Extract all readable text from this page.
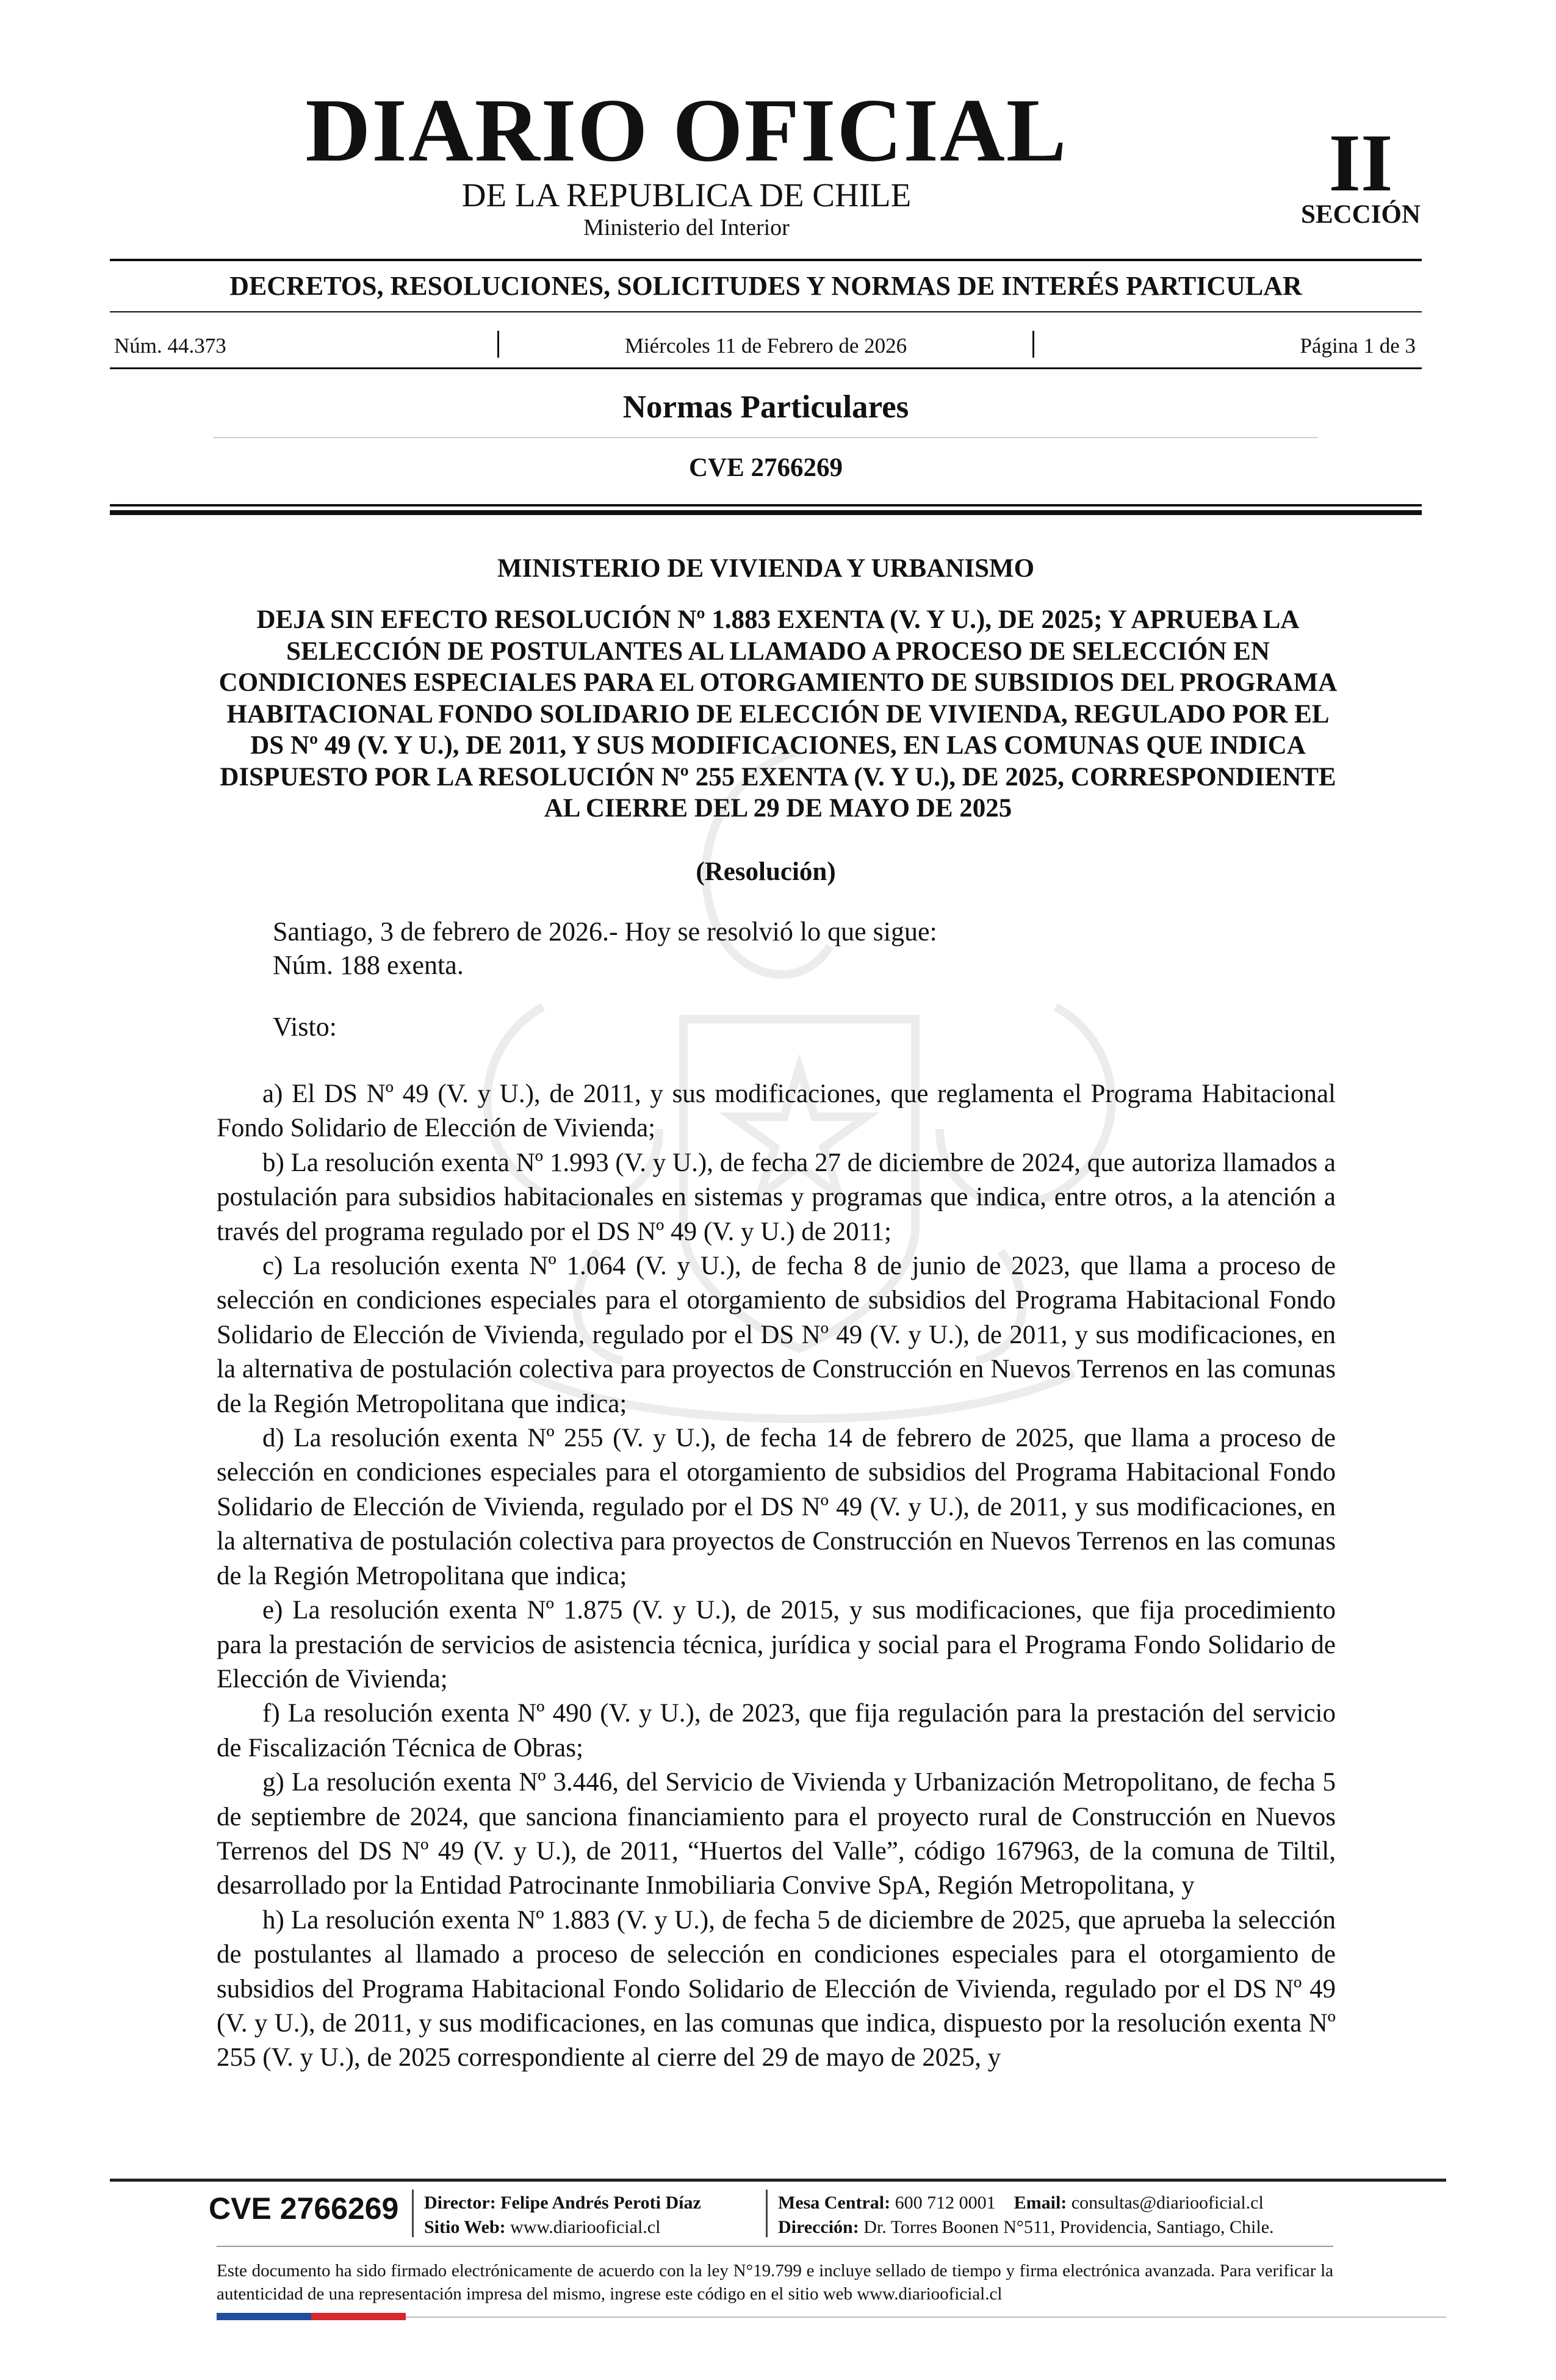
DIARIO OFICIAL
DE LA REPUBLICA DE CHILE
Ministerio del Interior
II
SECCIÓN
DECRETOS, RESOLUCIONES, SOLICITUDES Y NORMAS DE INTERÉS PARTICULAR
Núm. 44.373	Miércoles 11 de Febrero de 2026	Página 1 de 3
Normas Particulares
CVE 2766269
MINISTERIO DE VIVIENDA Y URBANISMO
DEJA SIN EFECTO RESOLUCIÓN Nº 1.883 EXENTA (V. Y U.), DE 2025; Y APRUEBA LA SELECCIÓN DE POSTULANTES AL LLAMADO A PROCESO DE SELECCIÓN EN CONDICIONES ESPECIALES PARA EL OTORGAMIENTO DE SUBSIDIOS DEL PROGRAMA HABITACIONAL FONDO SOLIDARIO DE ELECCIÓN DE VIVIENDA, REGULADO POR EL DS Nº 49 (V. Y U.), DE 2011, Y SUS MODIFICACIONES, EN LAS COMUNAS QUE INDICA DISPUESTO POR LA RESOLUCIÓN Nº 255 EXENTA (V. Y U.), DE 2025, CORRESPONDIENTE AL CIERRE DEL 29 DE MAYO DE 2025
(Resolución)
Santiago, 3 de febrero de 2026.- Hoy se resolvió lo que sigue:
Núm. 188 exenta.
Visto:

a) El DS Nº 49 (V. y U.), de 2011, y sus modificaciones, que reglamenta el Programa Habitacional Fondo Solidario de Elección de Vivienda;

b) La resolución exenta Nº 1.993 (V. y U.), de fecha 27 de diciembre de 2024, que autoriza llamados a postulación para subsidios habitacionales en sistemas y programas que indica, entre otros, a la atención a través del programa regulado por el DS Nº 49 (V. y U.) de 2011;

c) La resolución exenta Nº 1.064 (V. y U.), de fecha 8 de junio de 2023, que llama a proceso de selección en condiciones especiales para el otorgamiento de subsidios del Programa Habitacional Fondo Solidario de Elección de Vivienda, regulado por el DS Nº 49 (V. y U.), de 2011, y sus modificaciones, en la alternativa de postulación colectiva para proyectos de Construcción en Nuevos Terrenos en las comunas de la Región Metropolitana que indica;

d) La resolución exenta Nº 255 (V. y U.), de fecha 14 de febrero de 2025, que llama a proceso de selección en condiciones especiales para el otorgamiento de subsidios del Programa Habitacional Fondo Solidario de Elección de Vivienda, regulado por el DS Nº 49 (V. y U.), de 2011, y sus modificaciones, en la alternativa de postulación colectiva para proyectos de Construcción en Nuevos Terrenos en las comunas de la Región Metropolitana que indica;

e) La resolución exenta Nº 1.875 (V. y U.), de 2015, y sus modificaciones, que fija procedimiento para la prestación de servicios de asistencia técnica, jurídica y social para el Programa Fondo Solidario de Elección de Vivienda;

f) La resolución exenta Nº 490 (V. y U.), de 2023, que fija regulación para la prestación del servicio de Fiscalización Técnica de Obras;

g) La resolución exenta Nº 3.446, del Servicio de Vivienda y Urbanización Metropolitano, de fecha 5 de septiembre de 2024, que sanciona financiamiento para el proyecto rural de Construcción en Nuevos Terrenos del DS Nº 49 (V. y U.), de 2011, “Huertos del Valle”, código 167963, de la comuna de Tiltil, desarrollado por la Entidad Patrocinante Inmobiliaria Convive SpA, Región Metropolitana, y

h) La resolución exenta Nº 1.883 (V. y U.), de fecha 5 de diciembre de 2025, que aprueba la selección de postulantes al llamado a proceso de selección en condiciones especiales para el otorgamiento de subsidios del Programa Habitacional Fondo Solidario de Elección de Vivienda, regulado por el DS Nº 49 (V. y U.), de 2011, y sus modificaciones, en las comunas que indica, dispuesto por la resolución exenta Nº 255 (V. y U.), de 2025 correspondiente al cierre del 29 de mayo de 2025, y

CVE 2766269 Director: Felipe Andrés Peroti Díaz
Sitio Web: www.diariooficial.cl
Mesa Central: 600 712 0001 Email: consultas@diariooficial.cl
Dirección: Dr. Torres Boonen N°511, Providencia, Santiago, Chile.
Este documento ha sido firmado electrónicamente de acuerdo con la ley N°19.799 e incluye sellado de tiempo y firma electrónica avanzada. Para verificar la autenticidad de una representación impresa del mismo, ingrese este código en el sitio web www.diariooficial.cl
